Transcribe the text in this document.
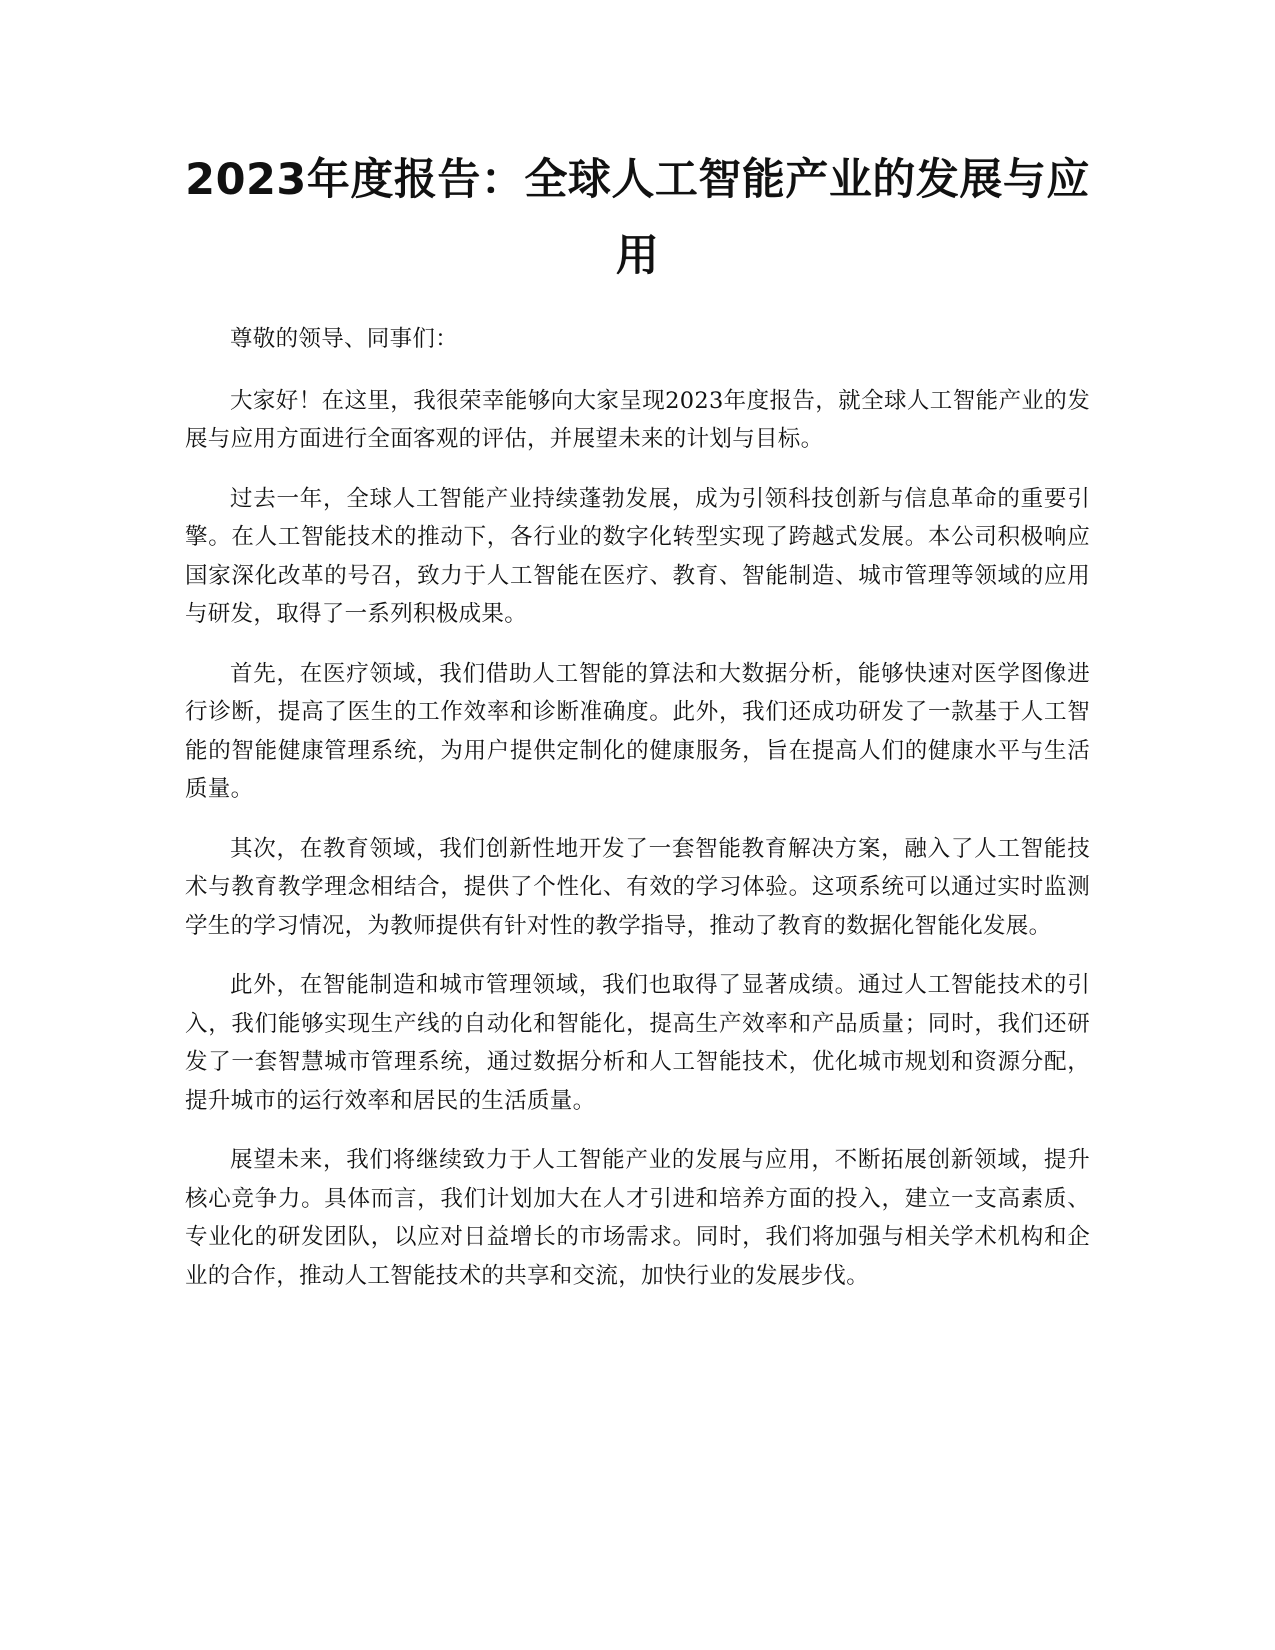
2023年度报告：全球人工智能产业的发展与应用

尊敬的领导、同事们：

大家好！在这里，我很荣幸能够向大家呈现2023年度报告，就全球人工智能产业的发展与应用方面进行全面客观的评估，并展望未来的计划与目标。

过去一年，全球人工智能产业持续蓬勃发展，成为引领科技创新与信息革命的重要引擎。在人工智能技术的推动下，各行业的数字化转型实现了跨越式发展。本公司积极响应国家深化改革的号召，致力于人工智能在医疗、教育、智能制造、城市管理等领域的应用与研发，取得了一系列积极成果。

首先，在医疗领域，我们借助人工智能的算法和大数据分析，能够快速对医学图像进行诊断，提高了医生的工作效率和诊断准确度。此外，我们还成功研发了一款基于人工智能的智能健康管理系统，为用户提供定制化的健康服务，旨在提高人们的健康水平与生活质量。

其次，在教育领域，我们创新性地开发了一套智能教育解决方案，融入了人工智能技术与教育教学理念相结合，提供了个性化、有效的学习体验。这项系统可以通过实时监测学生的学习情况，为教师提供有针对性的教学指导，推动了教育的数据化智能化发展。

此外，在智能制造和城市管理领域，我们也取得了显著成绩。通过人工智能技术的引入，我们能够实现生产线的自动化和智能化，提高生产效率和产品质量；同时，我们还研发了一套智慧城市管理系统，通过数据分析和人工智能技术，优化城市规划和资源分配，提升城市的运行效率和居民的生活质量。

展望未来，我们将继续致力于人工智能产业的发展与应用，不断拓展创新领域，提升核心竞争力。具体而言，我们计划加大在人才引进和培养方面的投入，建立一支高素质、专业化的研发团队，以应对日益增长的市场需求。同时，我们将加强与相关学术机构和企业的合作，推动人工智能技术的共享和交流，加快行业的发展步伐。
